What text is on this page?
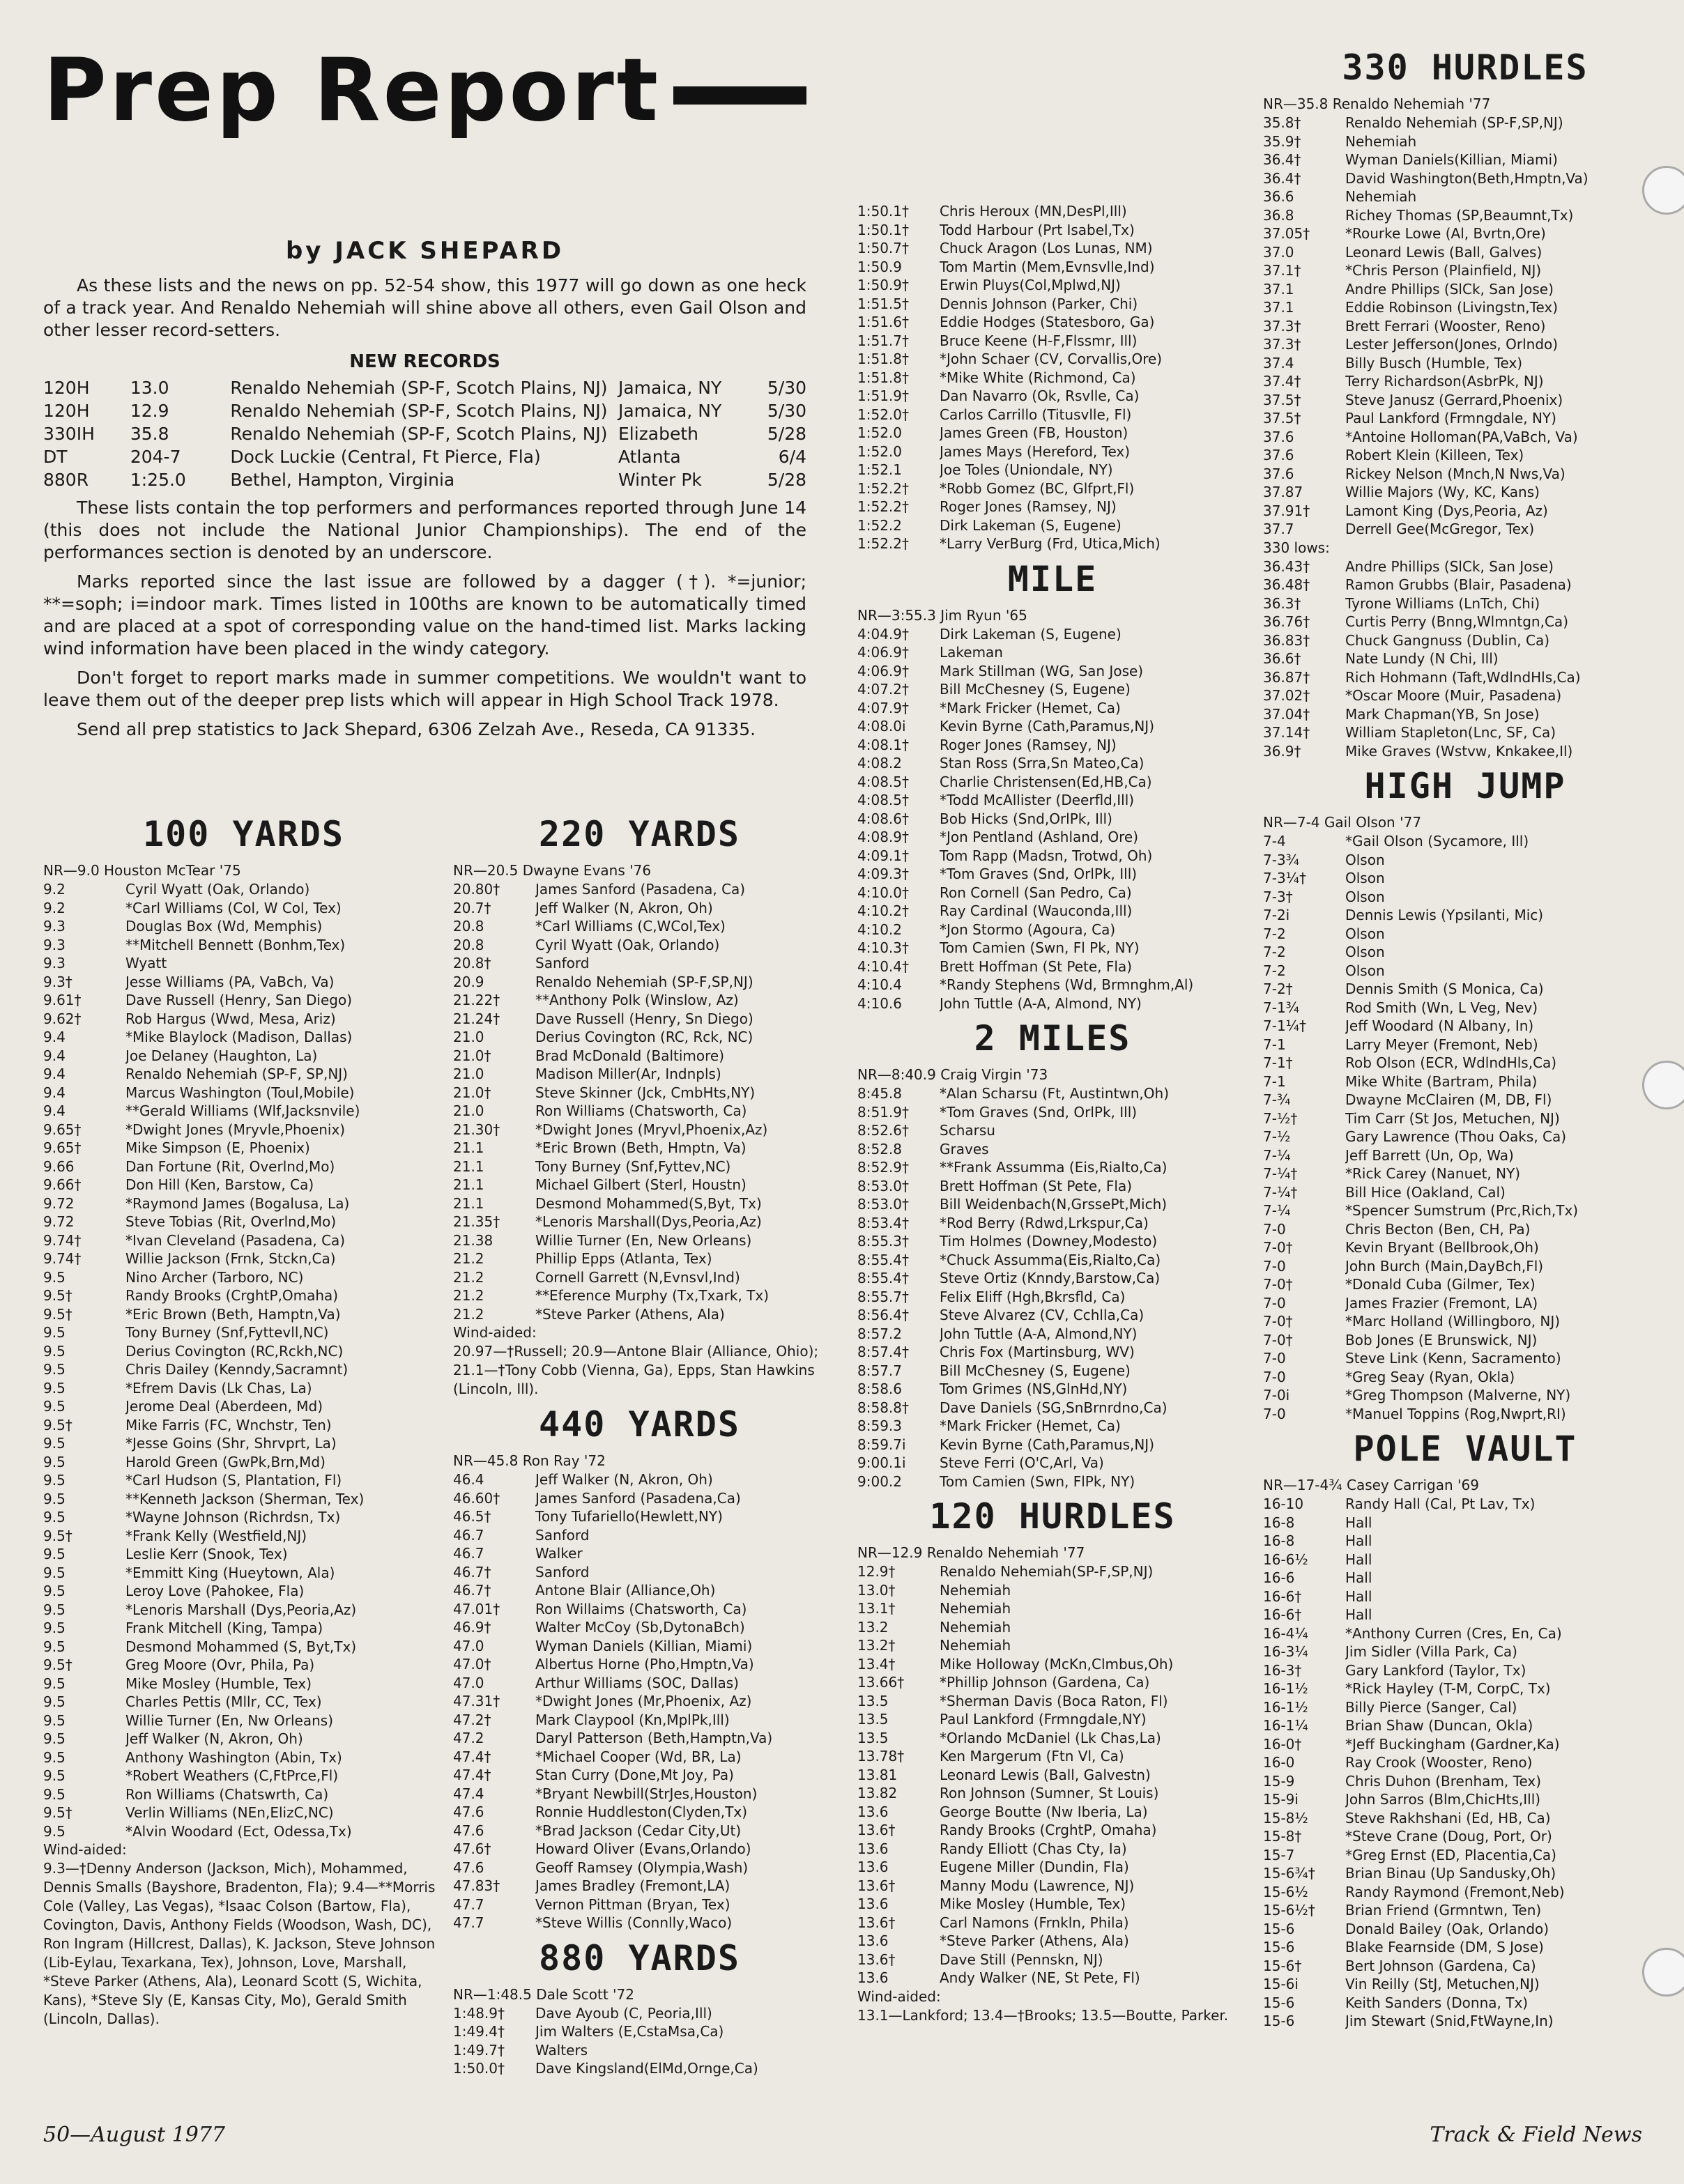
Prep Report
by JACK SHEPARD

As these lists and the news on pp. 52-54 show, this 1977 will go down as one heck of a track year. And Renaldo Nehemiah will shine above all others, even Gail Olson and other lesser record-setters.

NEW RECORDS
120H	13.0	Renaldo Nehemiah (SP-F, Scotch Plains, NJ)	Jamaica, NY	5/30
120H	12.9	Renaldo Nehemiah (SP-F, Scotch Plains, NJ)	Jamaica, NY	5/30
330IH	35.8	Renaldo Nehemiah (SP-F, Scotch Plains, NJ)	Elizabeth	5/28
DT	204-7	Dock Luckie (Central, Ft Pierce, Fla)	Atlanta	6/4
880R	1:25.0	Bethel, Hampton, Virginia	Winter Pk	5/28

These lists contain the top performers and performances reported through June 14 (this does not include the National Junior Championships). The end of the performances section is denoted by an underscore.

Marks reported since the last issue are followed by a dagger (†). *=junior; **=soph; i=indoor mark. Times listed in 100ths are known to be automatically timed and are placed at a spot of corresponding value on the hand-timed list. Marks lacking wind information have been placed in the windy category.

Don't forget to report marks made in summer competitions. We wouldn't want to leave them out of the deeper prep lists which will appear in High School Track 1978.

Send all prep statistics to Jack Shepard, 6306 Zelzah Ave., Reseda, CA 91335.

100 YARDS
NR—9.0 Houston McTear '75
9.2	Cyril Wyatt (Oak, Orlando)
9.2	*Carl Williams (Col, W Col, Tex)
9.3	Douglas Box (Wd, Memphis)
9.3	**Mitchell Bennett (Bonhm,Tex)
9.3	Wyatt
9.3†	Jesse Williams (PA, VaBch, Va)
9.61†	Dave Russell (Henry, San Diego)
9.62†	Rob Hargus (Wwd, Mesa, Ariz)
9.4	*Mike Blaylock (Madison, Dallas)
9.4	Joe Delaney (Haughton, La)
9.4	Renaldo Nehemiah (SP-F, SP,NJ)
9.4	Marcus Washington (Toul,Mobile)
9.4	**Gerald Williams (Wlf,Jacksnvile)
9.65†	*Dwight Jones (Mryvle,Phoenix)
9.65†	Mike Simpson (E, Phoenix)
9.66	Dan Fortune (Rit, Overlnd,Mo)
9.66†	Don Hill (Ken, Barstow, Ca)
9.72	*Raymond James (Bogalusa, La)
9.72	Steve Tobias (Rit, Overlnd,Mo)
9.74†	*Ivan Cleveland (Pasadena, Ca)
9.74†	Willie Jackson (Frnk, Stckn,Ca)
9.5	Nino Archer (Tarboro, NC)
9.5†	Randy Brooks (CrghtP,Omaha)
9.5†	*Eric Brown (Beth, Hamptn,Va)
9.5	Tony Burney (Snf,Fyttevll,NC)
9.5	Derius Covington (RC,Rckh,NC)
9.5	Chris Dailey (Kenndy,Sacramnt)
9.5	*Efrem Davis (Lk Chas, La)
9.5	Jerome Deal (Aberdeen, Md)
9.5†	Mike Farris (FC, Wnchstr, Ten)
9.5	*Jesse Goins (Shr, Shrvprt, La)
9.5	Harold Green (GwPk,Brn,Md)
9.5	*Carl Hudson (S, Plantation, Fl)
9.5	**Kenneth Jackson (Sherman, Tex)
9.5	*Wayne Johnson (Richrdsn, Tx)
9.5†	*Frank Kelly (Westfield,NJ)
9.5	Leslie Kerr (Snook, Tex)
9.5	*Emmitt King (Hueytown, Ala)
9.5	Leroy Love (Pahokee, Fla)
9.5	*Lenoris Marshall (Dys,Peoria,Az)
9.5	Frank Mitchell (King, Tampa)
9.5	Desmond Mohammed (S, Byt,Tx)
9.5†	Greg Moore (Ovr, Phila, Pa)
9.5	Mike Mosley (Humble, Tex)
9.5	Charles Pettis (Mllr, CC, Tex)
9.5	Willie Turner (En, Nw Orleans)
9.5	Jeff Walker (N, Akron, Oh)
9.5	Anthony Washington (Abin, Tx)
9.5	*Robert Weathers (C,FtPrce,Fl)
9.5	Ron Williams (Chatswrth, Ca)
9.5†	Verlin Williams (NEn,ElizC,NC)
9.5	*Alvin Woodard (Ect, Odessa,Tx)
Wind-aided:
9.3—†Denny Anderson (Jackson, Mich), Mohammed, Dennis Smalls (Bayshore, Bradenton, Fla); 9.4—**Morris Cole (Valley, Las Vegas), *Isaac Colson (Bartow, Fla), Covington, Davis, Anthony Fields (Woodson, Wash, DC), Ron Ingram (Hillcrest, Dallas), K. Jackson, Steve Johnson (Lib-Eylau, Texarkana, Tex), Johnson, Love, Marshall, *Steve Parker (Athens, Ala), Leonard Scott (S, Wichita, Kans), *Steve Sly (E, Kansas City, Mo), Gerald Smith (Lincoln, Dallas).
220 YARDS
NR—20.5 Dwayne Evans '76
20.80†	James Sanford (Pasadena, Ca)
20.7†	Jeff Walker (N, Akron, Oh)
20.8	*Carl Williams (C,WCol,Tex)
20.8	Cyril Wyatt (Oak, Orlando)
20.8†	Sanford
20.9	Renaldo Nehemiah (SP-F,SP,NJ)
21.22†	**Anthony Polk (Winslow, Az)
21.24†	Dave Russell (Henry, Sn Diego)
21.0	Derius Covington (RC, Rck, NC)
21.0†	Brad McDonald (Baltimore)
21.0	Madison Miller(Ar, Indnpls)
21.0†	Steve Skinner (Jck, CmbHts,NY)
21.0	Ron Williams (Chatsworth, Ca)
21.30†	*Dwight Jones (Mryvl,Phoenix,Az)
21.1	*Eric Brown (Beth, Hmptn, Va)
21.1	Tony Burney (Snf,Fyttev,NC)
21.1	Michael Gilbert (Sterl, Houstn)
21.1	Desmond Mohammed(S,Byt, Tx)
21.35†	*Lenoris Marshall(Dys,Peoria,Az)
21.38	Willie Turner (En, New Orleans)
21.2	Phillip Epps (Atlanta, Tex)
21.2	Cornell Garrett (N,Evnsvl,Ind)
21.2	**Eference Murphy (Tx,Txark, Tx)
21.2	*Steve Parker (Athens, Ala)
Wind-aided:
20.97—†Russell; 20.9—Antone Blair (Alliance, Ohio); 21.1—†Tony Cobb (Vienna, Ga), Epps, Stan Hawkins (Lincoln, Ill).
440 YARDS
NR—45.8 Ron Ray '72
46.4	Jeff Walker (N, Akron, Oh)
46.60†	James Sanford (Pasadena,Ca)
46.5†	Tony Tufariello(Hewlett,NY)
46.7	Sanford
46.7	Walker
46.7†	Sanford
46.7†	Antone Blair (Alliance,Oh)
47.01†	Ron Willaims (Chatsworth, Ca)
46.9†	Walter McCoy (Sb,DytonaBch)
47.0	Wyman Daniels (Killian, Miami)
47.0†	Albertus Horne (Pho,Hmptn,Va)
47.0	Arthur Williams (SOC, Dallas)
47.31†	*Dwight Jones (Mr,Phoenix, Az)
47.2†	Mark Claypool (Kn,MplPk,Ill)
47.2	Daryl Patterson (Beth,Hamptn,Va)
47.4†	*Michael Cooper (Wd, BR, La)
47.4†	Stan Curry (Done,Mt Joy, Pa)
47.4	*Bryant Newbill(StrJes,Houston)
47.6	Ronnie Huddleston(Clyden,Tx)
47.6	*Brad Jackson (Cedar City,Ut)
47.6†	Howard Oliver (Evans,Orlando)
47.6	Geoff Ramsey (Olympia,Wash)
47.83†	James Bradley (Fremont,LA)
47.7	Vernon Pittman (Bryan, Tex)
47.7	*Steve Willis (Connlly,Waco)
880 YARDS
NR—1:48.5 Dale Scott '72
1:48.9†	Dave Ayoub (C, Peoria,Ill)
1:49.4†	Jim Walters (E,CstaMsa,Ca)
1:49.7†	Walters
1:50.0†	Dave Kingsland(ElMd,Ornge,Ca)
1:50.1†	Chris Heroux (MN,DesPl,Ill)
1:50.1†	Todd Harbour (Prt Isabel,Tx)
1:50.7†	Chuck Aragon (Los Lunas, NM)
1:50.9	Tom Martin (Mem,Evnsvlle,Ind)
1:50.9†	Erwin Pluys(Col,Mplwd,NJ)
1:51.5†	Dennis Johnson (Parker, Chi)
1:51.6†	Eddie Hodges (Statesboro, Ga)
1:51.7†	Bruce Keene (H-F,Flssmr, Ill)
1:51.8†	*John Schaer (CV, Corvallis,Ore)
1:51.8†	*Mike White (Richmond, Ca)
1:51.9†	Dan Navarro (Ok, Rsvlle, Ca)
1:52.0†	Carlos Carrillo (Titusvlle, Fl)
1:52.0	James Green (FB, Houston)
1:52.0	James Mays (Hereford, Tex)
1:52.1	Joe Toles (Uniondale, NY)
1:52.2†	*Robb Gomez (BC, Glfprt,Fl)
1:52.2†	Roger Jones (Ramsey, NJ)
1:52.2	Dirk Lakeman (S, Eugene)
1:52.2†	*Larry VerBurg (Frd, Utica,Mich)
MILE
NR—3:55.3 Jim Ryun '65
4:04.9†	Dirk Lakeman (S, Eugene)
4:06.9†	Lakeman
4:06.9†	Mark Stillman (WG, San Jose)
4:07.2†	Bill McChesney (S, Eugene)
4:07.9†	*Mark Fricker (Hemet, Ca)
4:08.0i	Kevin Byrne (Cath,Paramus,NJ)
4:08.1†	Roger Jones (Ramsey, NJ)
4:08.2	Stan Ross (Srra,Sn Mateo,Ca)
4:08.5†	Charlie Christensen(Ed,HB,Ca)
4:08.5†	*Todd McAllister (Deerfld,Ill)
4:08.6†	Bob Hicks (Snd,OrlPk, Ill)
4:08.9†	*Jon Pentland (Ashland, Ore)
4:09.1†	Tom Rapp (Madsn, Trotwd, Oh)
4:09.3†	*Tom Graves (Snd, OrlPk, Ill)
4:10.0†	Ron Cornell (San Pedro, Ca)
4:10.2†	Ray Cardinal (Wauconda,Ill)
4:10.2	*Jon Stormo (Agoura, Ca)
4:10.3†	Tom Camien (Swn, Fl Pk, NY)
4:10.4†	Brett Hoffman (St Pete, Fla)
4:10.4	*Randy Stephens (Wd, Brmnghm,Al)
4:10.6	John Tuttle (A-A, Almond, NY)
2 MILES
NR—8:40.9 Craig Virgin '73
8:45.8	*Alan Scharsu (Ft, Austintwn,Oh)
8:51.9†	*Tom Graves (Snd, OrlPk, Ill)
8:52.6†	Scharsu
8:52.8	Graves
8:52.9†	**Frank Assumma (Eis,Rialto,Ca)
8:53.0†	Brett Hoffman (St Pete, Fla)
8:53.0†	Bill Weidenbach(N,GrssePt,Mich)
8:53.4†	*Rod Berry (Rdwd,Lrkspur,Ca)
8:55.3†	Tim Holmes (Downey,Modesto)
8:55.4†	*Chuck Assumma(Eis,Rialto,Ca)
8:55.4†	Steve Ortiz (Knndy,Barstow,Ca)
8:55.7†	Felix Eliff (Hgh,Bkrsfld, Ca)
8:56.4†	Steve Alvarez (CV, Cchlla,Ca)
8:57.2	John Tuttle (A-A, Almond,NY)
8:57.4†	Chris Fox (Martinsburg, WV)
8:57.7	Bill McChesney (S, Eugene)
8:58.6	Tom Grimes (NS,GlnHd,NY)
8:58.8†	Dave Daniels (SG,SnBrnrdno,Ca)
8:59.3	*Mark Fricker (Hemet, Ca)
8:59.7i	Kevin Byrne (Cath,Paramus,NJ)
9:00.1i	Steve Ferri (O'C,Arl, Va)
9:00.2	Tom Camien (Swn, FlPk, NY)
120 HURDLES
NR—12.9 Renaldo Nehemiah '77
12.9†	Renaldo Nehemiah(SP-F,SP,NJ)
13.0†	Nehemiah
13.1†	Nehemiah
13.2	Nehemiah
13.2†	Nehemiah
13.4†	Mike Holloway (McKn,Clmbus,Oh)
13.66†	*Phillip Johnson (Gardena, Ca)
13.5	*Sherman Davis (Boca Raton, Fl)
13.5	Paul Lankford (Frmngdale,NY)
13.5	*Orlando McDaniel (Lk Chas,La)
13.78†	Ken Margerum (Ftn Vl, Ca)
13.81	Leonard Lewis (Ball, Galvestn)
13.82	Ron Johnson (Sumner, St Louis)
13.6	George Boutte (Nw Iberia, La)
13.6†	Randy Brooks (CrghtP, Omaha)
13.6	Randy Elliott (Chas Cty, Ia)
13.6	Eugene Miller (Dundin, Fla)
13.6†	Manny Modu (Lawrence, NJ)
13.6	Mike Mosley (Humble, Tex)
13.6†	Carl Namons (Frnkln, Phila)
13.6	*Steve Parker (Athens, Ala)
13.6†	Dave Still (Pennskn, NJ)
13.6	Andy Walker (NE, St Pete, Fl)
Wind-aided:
13.1—Lankford; 13.4—†Brooks; 13.5—Boutte, Parker.
330 HURDLES
NR—35.8 Renaldo Nehemiah '77
35.8†	Renaldo Nehemiah (SP-F,SP,NJ)
35.9†	Nehemiah
36.4†	Wyman Daniels(Killian, Miami)
36.4†	David Washington(Beth,Hmptn,Va)
36.6	Nehemiah
36.8	Richey Thomas (SP,Beaumnt,Tx)
37.05†	*Rourke Lowe (Al, Bvrtn,Ore)
37.0	Leonard Lewis (Ball, Galves)
37.1†	*Chris Person (Plainfield, NJ)
37.1	Andre Phillips (SlCk, San Jose)
37.1	Eddie Robinson (Livingstn,Tex)
37.3†	Brett Ferrari (Wooster, Reno)
37.3†	Lester Jefferson(Jones, Orlndo)
37.4	Billy Busch (Humble, Tex)
37.4†	Terry Richardson(AsbrPk, NJ)
37.5†	Steve Janusz (Gerrard,Phoenix)
37.5†	Paul Lankford (Frmngdale, NY)
37.6	*Antoine Holloman(PA,VaBch, Va)
37.6	Robert Klein (Killeen, Tex)
37.6	Rickey Nelson (Mnch,N Nws,Va)
37.87	Willie Majors (Wy, KC, Kans)
37.91†	Lamont King (Dys,Peoria, Az)
37.7	Derrell Gee(McGregor, Tex)
330 lows:
36.43†	Andre Phillips (SlCk, San Jose)
36.48†	Ramon Grubbs (Blair, Pasadena)
36.3†	Tyrone Williams (LnTch, Chi)
36.76†	Curtis Perry (Bnng,Wlmntgn,Ca)
36.83†	Chuck Gangnuss (Dublin, Ca)
36.6†	Nate Lundy (N Chi, Ill)
36.87†	Rich Hohmann (Taft,WdlndHls,Ca)
37.02†	*Oscar Moore (Muir, Pasadena)
37.04†	Mark Chapman(YB, Sn Jose)
37.14†	William Stapleton(Lnc, SF, Ca)
36.9†	Mike Graves (Wstvw, Knkakee,Il)
HIGH JUMP
NR—7-4 Gail Olson '77
7-4	*Gail Olson (Sycamore, Ill)
7-3¾	Olson
7-3¼†	Olson
7-3†	Olson
7-2i	Dennis Lewis (Ypsilanti, Mic)
7-2	Olson
7-2	Olson
7-2	Olson
7-2†	Dennis Smith (S Monica, Ca)
7-1¾	Rod Smith (Wn, L Veg, Nev)
7-1¼†	Jeff Woodard (N Albany, In)
7-1	Larry Meyer (Fremont, Neb)
7-1†	Rob Olson (ECR, WdlndHls,Ca)
7-1	Mike White (Bartram, Phila)
7-¾	Dwayne McClairen (M, DB, Fl)
7-½†	Tim Carr (St Jos, Metuchen, NJ)
7-½	Gary Lawrence (Thou Oaks, Ca)
7-¼	Jeff Barrett (Un, Op, Wa)
7-¼†	*Rick Carey (Nanuet, NY)
7-¼†	Bill Hice (Oakland, Cal)
7-¼	*Spencer Sumstrum (Prc,Rich,Tx)
7-0	Chris Becton (Ben, CH, Pa)
7-0†	Kevin Bryant (Bellbrook,Oh)
7-0	John Burch (Main,DayBch,Fl)
7-0†	*Donald Cuba (Gilmer, Tex)
7-0	James Frazier (Fremont, LA)
7-0†	*Marc Holland (Willingboro, NJ)
7-0†	Bob Jones (E Brunswick, NJ)
7-0	Steve Link (Kenn, Sacramento)
7-0	*Greg Seay (Ryan, Okla)
7-0i	*Greg Thompson (Malverne, NY)
7-0	*Manuel Toppins (Rog,Nwprt,RI)
POLE VAULT
NR—17-4¾ Casey Carrigan '69
16-10	Randy Hall (Cal, Pt Lav, Tx)
16-8	Hall
16-8	Hall
16-6½	Hall
16-6	Hall
16-6†	Hall
16-6†	Hall
16-4¼	*Anthony Curren (Cres, En, Ca)
16-3¼	Jim Sidler (Villa Park, Ca)
16-3†	Gary Lankford (Taylor, Tx)
16-1½	*Rick Hayley (T-M, CorpC, Tx)
16-1½	Billy Pierce (Sanger, Cal)
16-1¼	Brian Shaw (Duncan, Okla)
16-0†	*Jeff Buckingham (Gardner,Ka)
16-0	Ray Crook (Wooster, Reno)
15-9	Chris Duhon (Brenham, Tex)
15-9i	John Sarros (Blm,ChicHts,Ill)
15-8½	Steve Rakhshani (Ed, HB, Ca)
15-8†	*Steve Crane (Doug, Port, Or)
15-7	*Greg Ernst (ED, Placentia,Ca)
15-6¾†	Brian Binau (Up Sandusky,Oh)
15-6½	Randy Raymond (Fremont,Neb)
15-6½†	Brian Friend (Grmntwn, Ten)
15-6	Donald Bailey (Oak, Orlando)
15-6	Blake Fearnside (DM, S Jose)
15-6†	Bert Johnson (Gardena, Ca)
15-6i	Vin Reilly (StJ, Metuchen,NJ)
15-6	Keith Sanders (Donna, Tx)
15-6	Jim Stewart (Snid,FtWayne,In)
50—August 1977	Track & Field News
